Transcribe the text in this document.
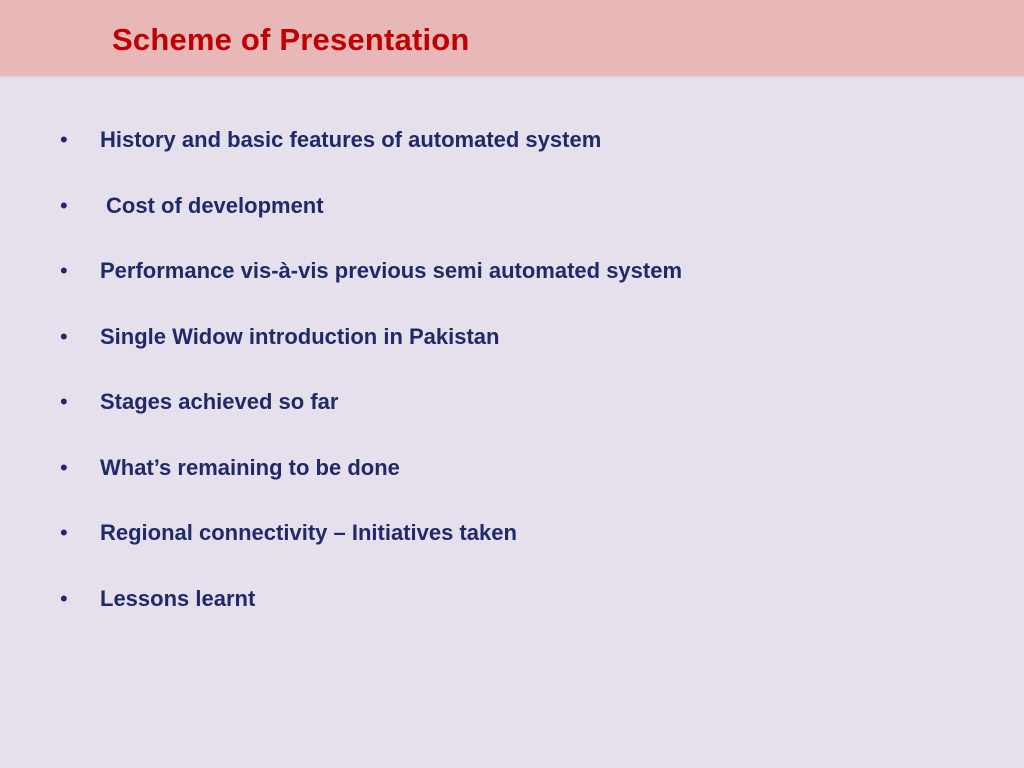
Scheme of Presentation
• History and basic features of automated system
• Cost of development
• Performance vis-à-vis previous semi automated system
• Single Widow introduction in Pakistan
• Stages achieved so far
• What’s remaining to be done
• Regional connectivity – Initiatives taken
• Lessons learnt
